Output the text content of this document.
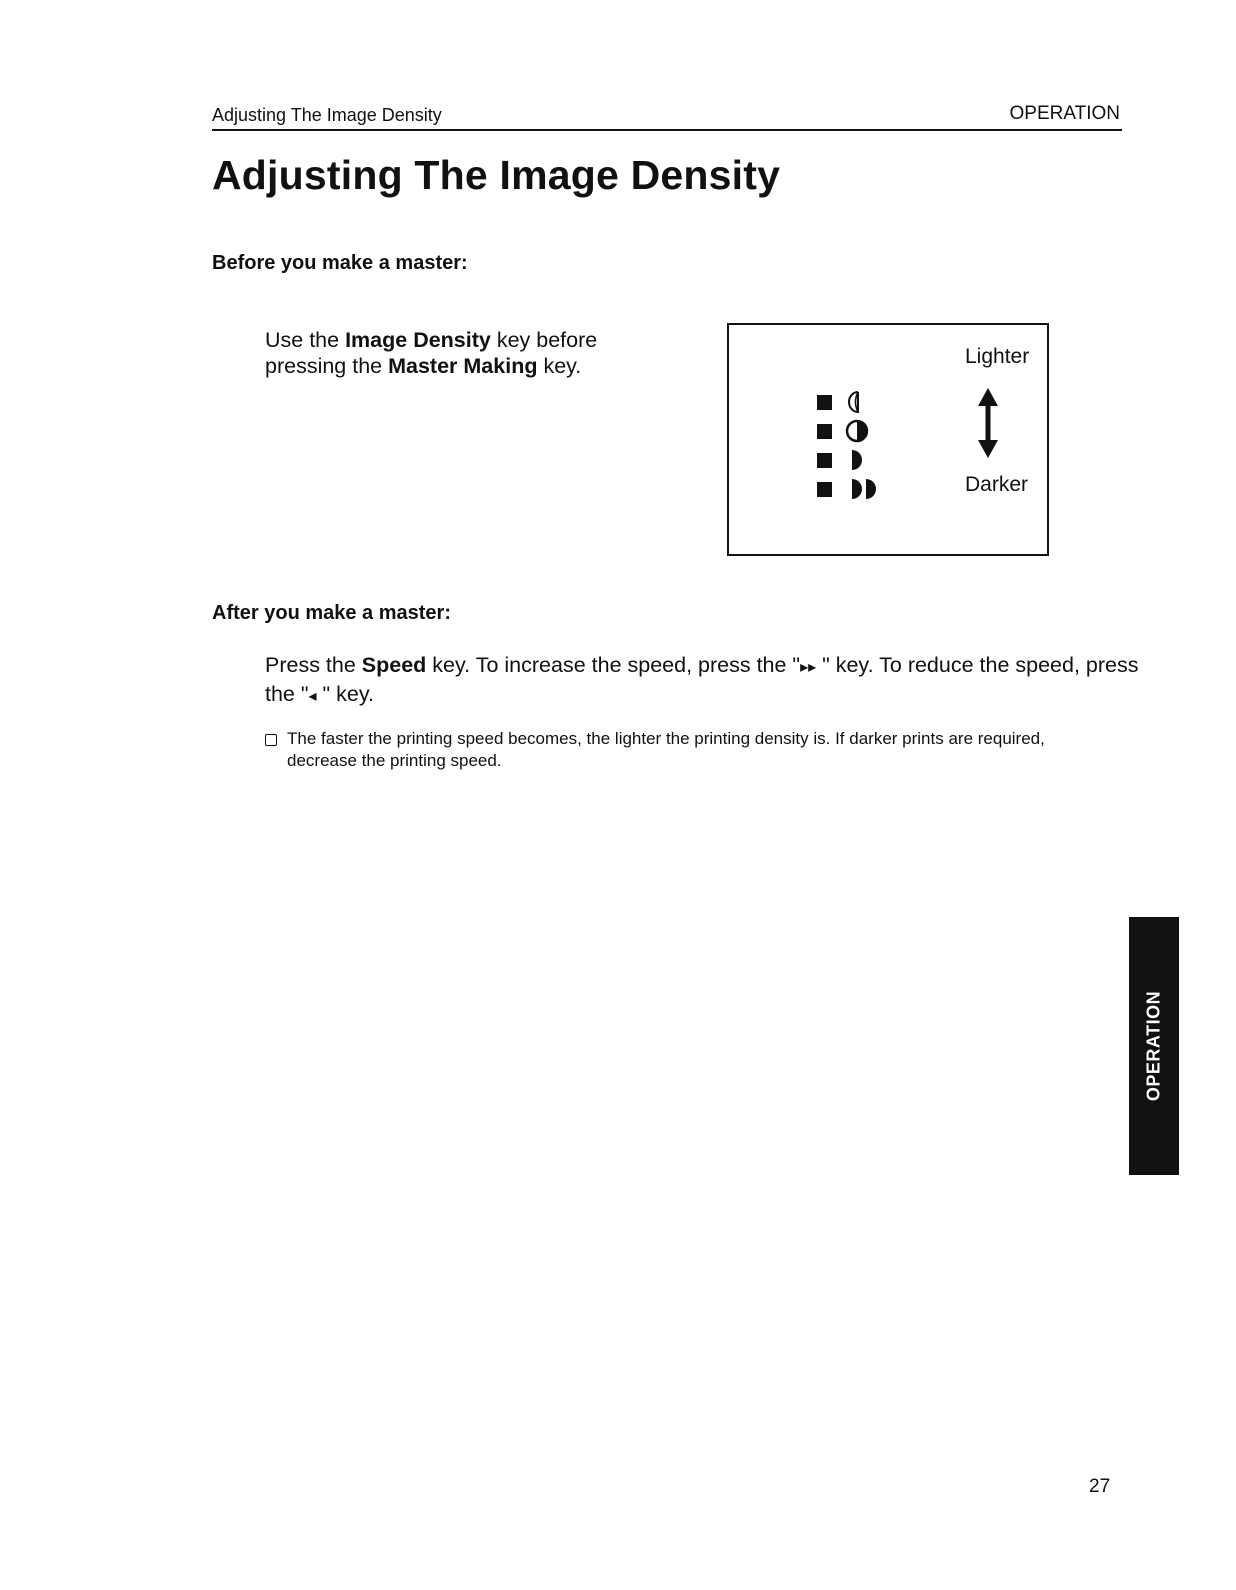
Adjusting The Image Density	OPERATION
Adjusting The Image Density
Before you make a master:

Use the Image Density key before pressing the Master Making key.	Lighter
Darker
After you make a master:

Press the Speed key. To increase the speed, press the "▸▸ " key. To reduce the speed, press the "◂ " key.

The faster the printing speed becomes, the lighter the printing density is. If darker prints are required, decrease the printing speed.
OPERATION
27
